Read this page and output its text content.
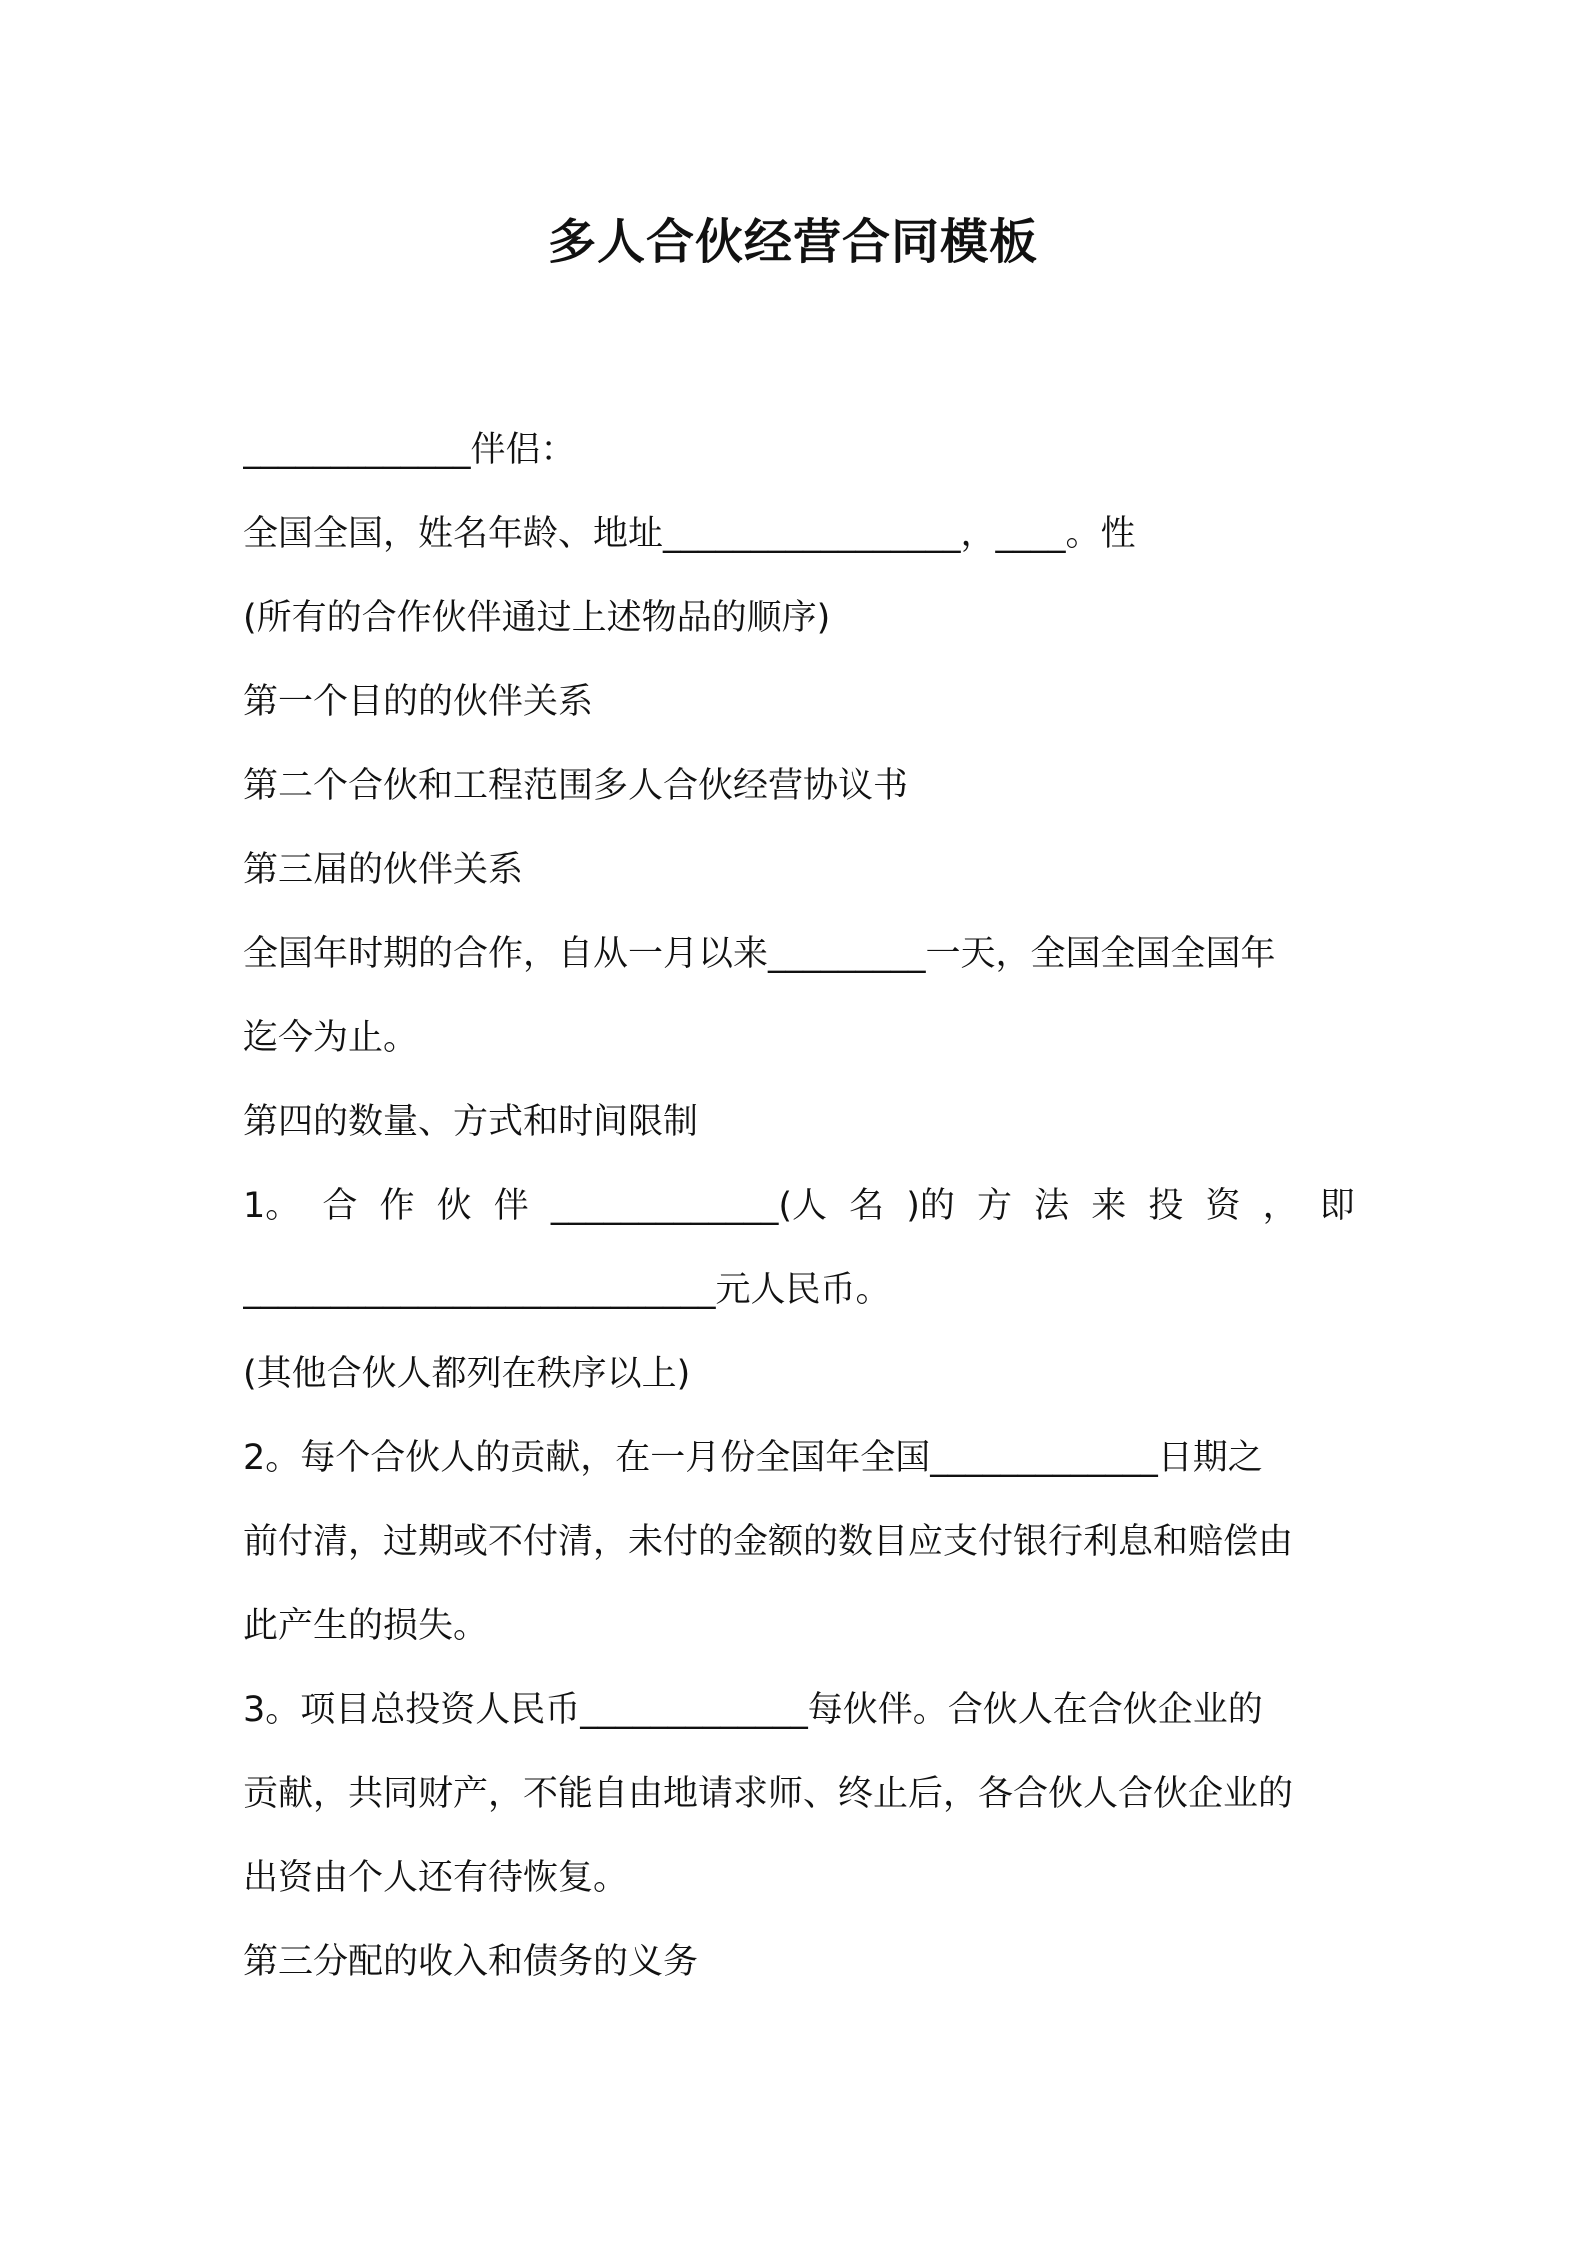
多人合伙经营合同模板
_____________伴侣：
全国全国，姓名年龄、地址_________________，____。性
(所有的合作伙伴通过上述物品的顺序)
第一个目的的伙伴关系
第二个合伙和工程范围多人合伙经营协议书
第三届的伙伴关系
全国年时期的合作，自从一月以来_________一天，全国全国全国年
迄今为止。
第四的数量、方式和时间限制
1。 合 作 伙 伴 _____________(人 名 )的 方 法 来 投 资 ， 即
___________________________元人民币。
(其他合伙人都列在秩序以上)
2。每个合伙人的贡献，在一月份全国年全国_____________日期之
前付清，过期或不付清，未付的金额的数目应支付银行利息和赔偿由
此产生的损失。
3。项目总投资人民币_____________每伙伴。合伙人在合伙企业的
贡献，共同财产，不能自由地请求师、终止后，各合伙人合伙企业的
出资由个人还有待恢复。
第三分配的收入和债务的义务
